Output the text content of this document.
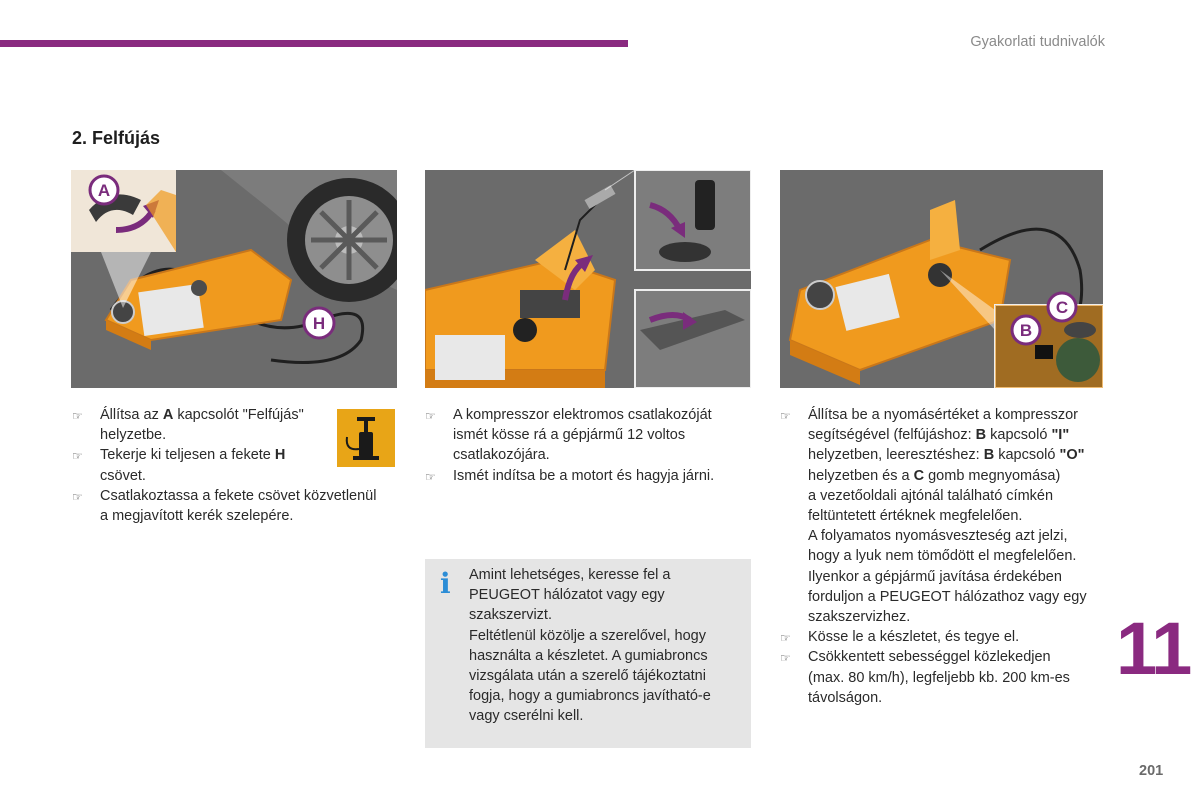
Gyakorlati tudnivalók
2. Felfújás
A
H
C
B
☞ Állítsa az A kapcsolót "Felfújás"
helyzetbe.
☞ Tekerje ki teljesen a fekete H
csövet.
☞ Csatlakoztassa a fekete csövet közvetlenül
a megjavított kerék szelepére.
☞ A kompresszor elektromos csatlakozóját
ismét kösse rá a gépjármű 12 voltos
csatlakozójára.
☞ Ismét indítsa be a motort és hagyja járni.
i Amint lehetséges, keresse fel a
PEUGEOT hálózatot vagy egy
szakszervizt.
Feltétlenül közölje a szerelővel, hogy
használta a készletet. A gumiabroncs
vizsgálata után a szerelő tájékoztatni
fogja, hogy a gumiabroncs javítható-e
vagy cserélni kell.
☞ Állítsa be a nyomásértéket a kompresszor
segítségével (felfújáshoz: B kapcsoló "I"
helyzetben, leeresztéshez: B kapcsoló "O"
helyzetben és a C gomb megnyomása)
a vezetőoldali ajtónál található címkén
feltüntetett értéknek megfelelően.
A folyamatos nyomásveszteség azt jelzi,
hogy a lyuk nem tömődött el megfelelően.
Ilyenkor a gépjármű javítása érdekében
forduljon a PEUGEOT hálózathoz vagy egy
szakszervizhez.
☞ Kösse le a készletet, és tegye el.
☞ Csökkentett sebességgel közlekedjen
(max. 80 km/h), legfeljebb kb. 200 km-es
távolságon.
11
201
